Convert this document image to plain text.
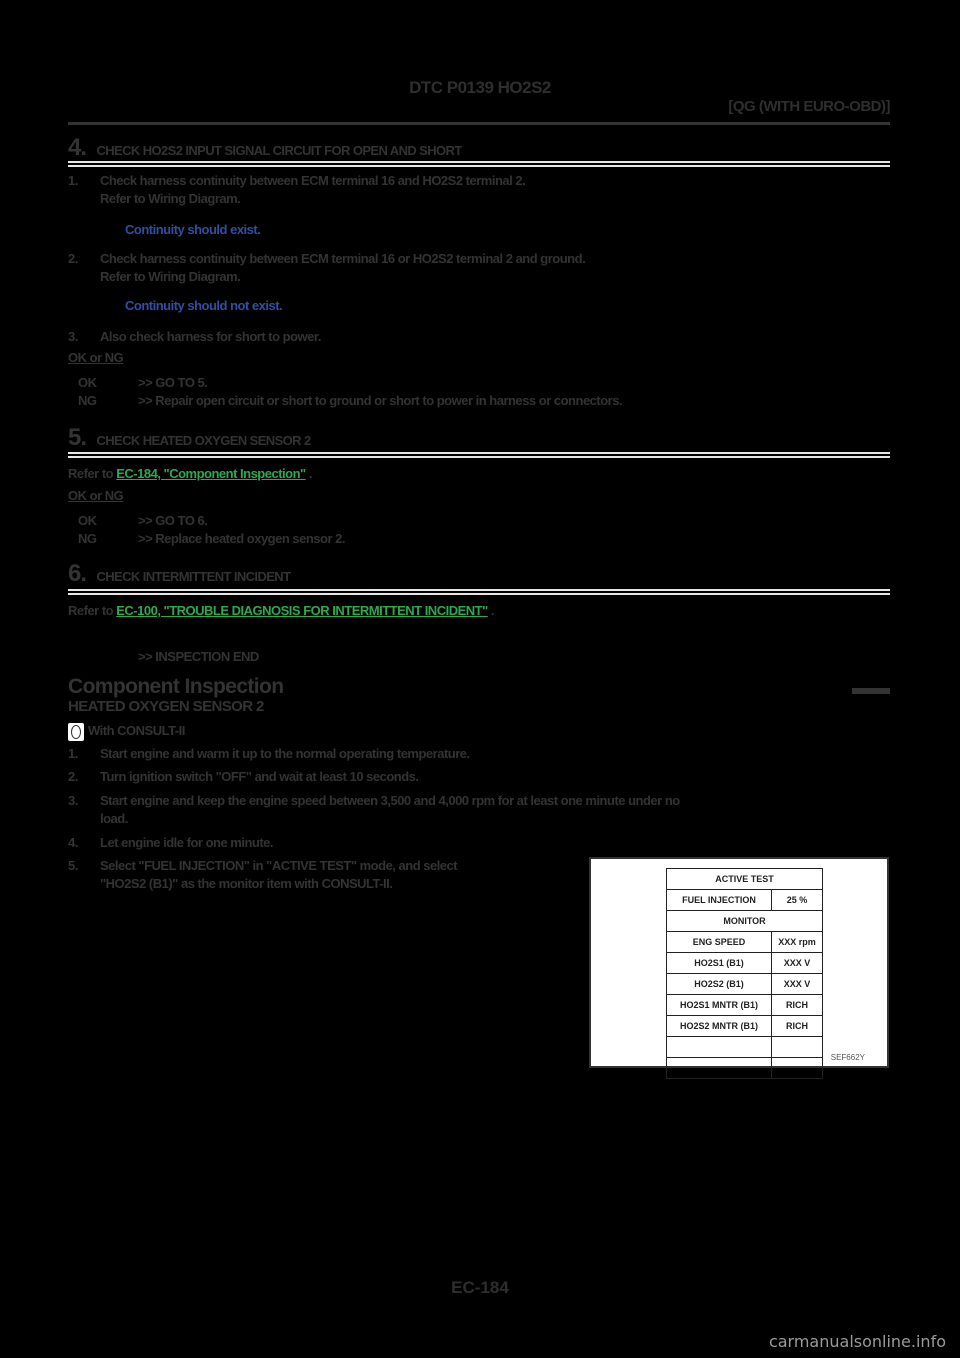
DTC P0139 HO2S2
[QG (WITH EURO-OBD)]
4. CHECK HO2S2 INPUT SIGNAL CIRCUIT FOR OPEN AND SHORT
1. Check harness continuity between ECM terminal 16 and HO2S2 terminal 2.
Refer to Wiring Diagram.
Continuity should exist.
2. Check harness continuity between ECM terminal 16 or HO2S2 terminal 2 and ground.
Refer to Wiring Diagram.
Continuity should not exist.
3. Also check harness for short to power.
OK or NG
OK	>> GO TO 5.
NG	>> Repair open circuit or short to ground or short to power in harness or connectors.
5. CHECK HEATED OXYGEN SENSOR 2
Refer to EC-184, "Component Inspection" .
OK or NG
OK	>> GO TO 6.
NG	>> Replace heated oxygen sensor 2.
6. CHECK INTERMITTENT INCIDENT
Refer to EC-100, "TROUBLE DIAGNOSIS FOR INTERMITTENT INCIDENT" .
>> INSPECTION END
Component Inspection
HEATED OXYGEN SENSOR 2
With CONSULT-II
1. Start engine and warm it up to the normal operating temperature.
2. Turn ignition switch "OFF" and wait at least 10 seconds.
3. Start engine and keep the engine speed between 3,500 and 4,000 rpm for at least one minute under no
load.
4. Let engine idle for one minute.
5. Select "FUEL INJECTION" in "ACTIVE TEST" mode, and select
"HO2S2 (B1)" as the monitor item with CONSULT-II.	ACTIVE TEST	
FUEL INJECTION	25 %
MONITOR	
ENG SPEED	XXX rpm
HO2S1 (B1)	XXX V
HO2S2 (B1)	XXX V
HO2S1 MNTR (B1)	RICH
HO2S2 MNTR (B1)	RICH

SEF662Y
EC-184
carmanualsonline.info
